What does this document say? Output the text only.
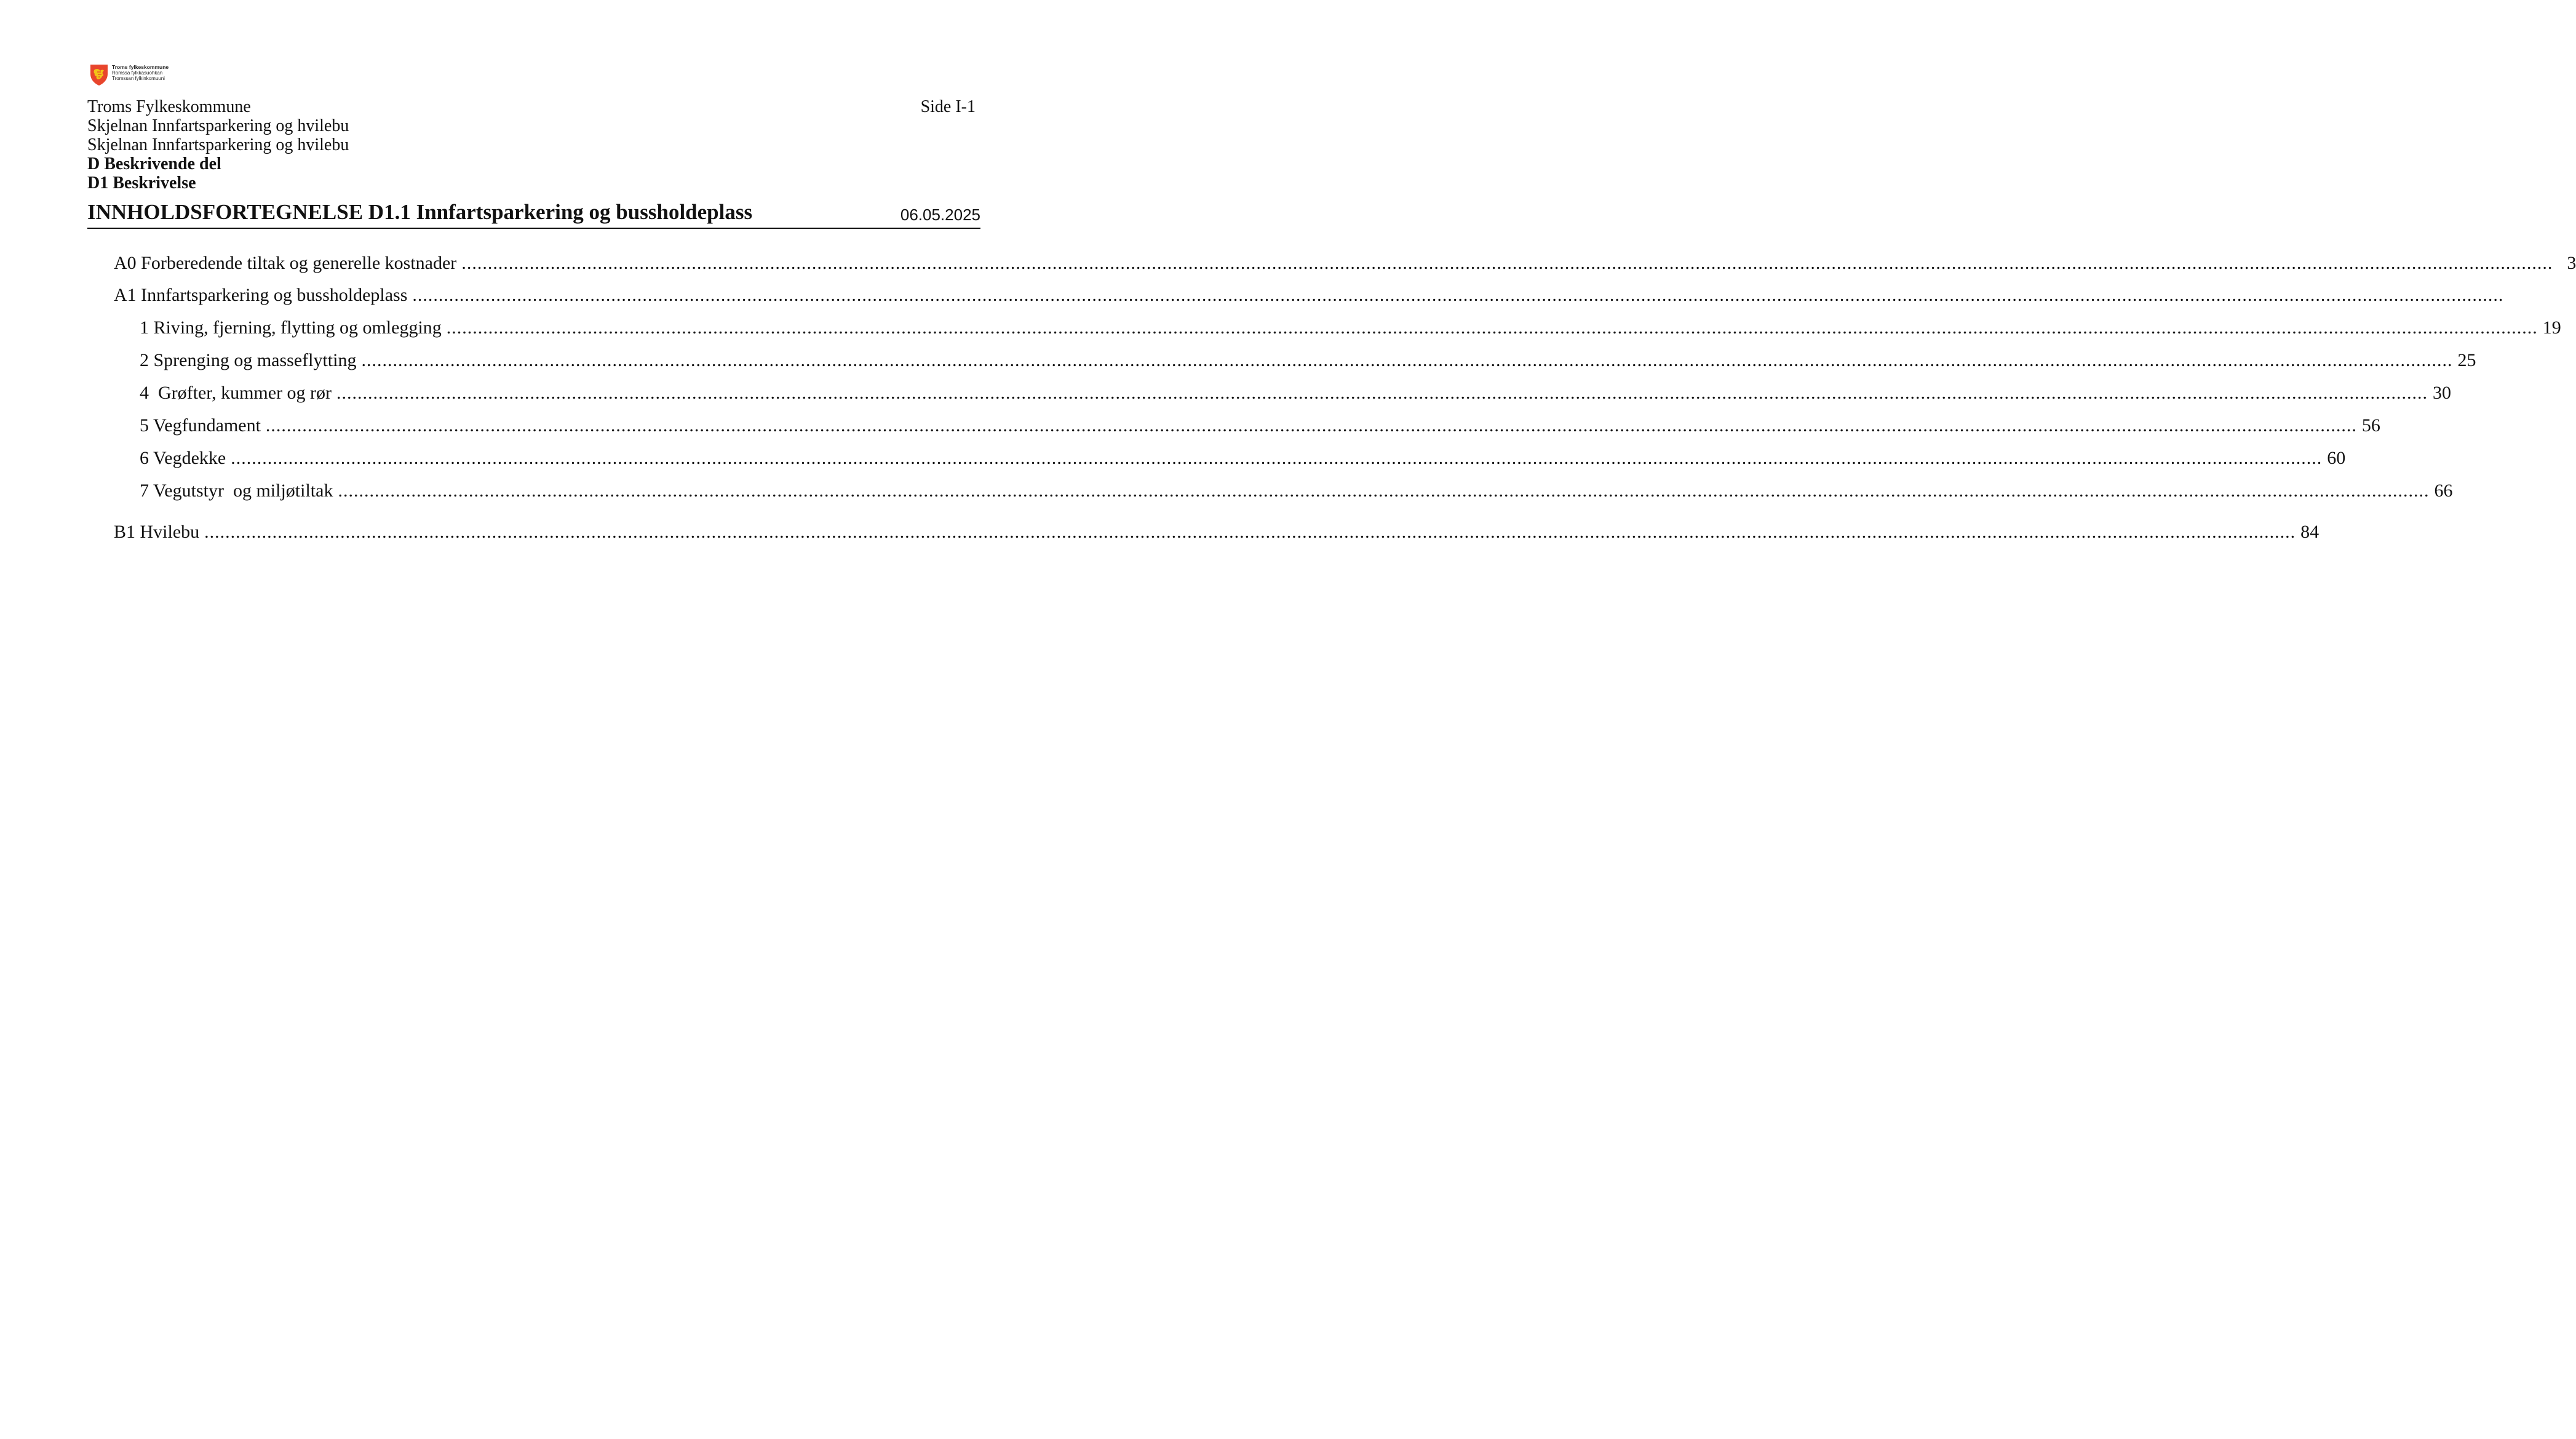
Troms fylkeskommune
Romssa fylkkasuohkan
Tromssan fylkinkomuuni
Troms Fylkeskommune
Skjelnan Innfartsparkering og hvilebu
Skjelnan Innfartsparkering og hvilebu
D Beskrivende del
D1 Beskrivelse
Side I-1
INNHOLDSFORTEGNELSE D1.1 Innfartsparkering og bussholdeplass	06.05.2025
A0 Forberedende tiltak og generelle kostnader ................................................................................................................................................................................................................................................................................................................................................................................................................ 3
A1 Innfartsparkering og bussholdeplass ................................................................................................................................................................................................................................................................................................................................................................................................................
1 Riving, fjerning, flytting og omlegging ................................................................................................................................................................................................................................................................................................................................................................................................................ 19
2 Sprenging og masseflytting ................................................................................................................................................................................................................................................................................................................................................................................................................ 25
4  Grøfter, kummer og rør ................................................................................................................................................................................................................................................................................................................................................................................................................ 30
5 Vegfundament ................................................................................................................................................................................................................................................................................................................................................................................................................ 56
6 Vegdekke ................................................................................................................................................................................................................................................................................................................................................................................................................ 60
7 Vegutstyr  og miljøtiltak ................................................................................................................................................................................................................................................................................................................................................................................................................ 66
B1 Hvilebu ................................................................................................................................................................................................................................................................................................................................................................................................................ 84
